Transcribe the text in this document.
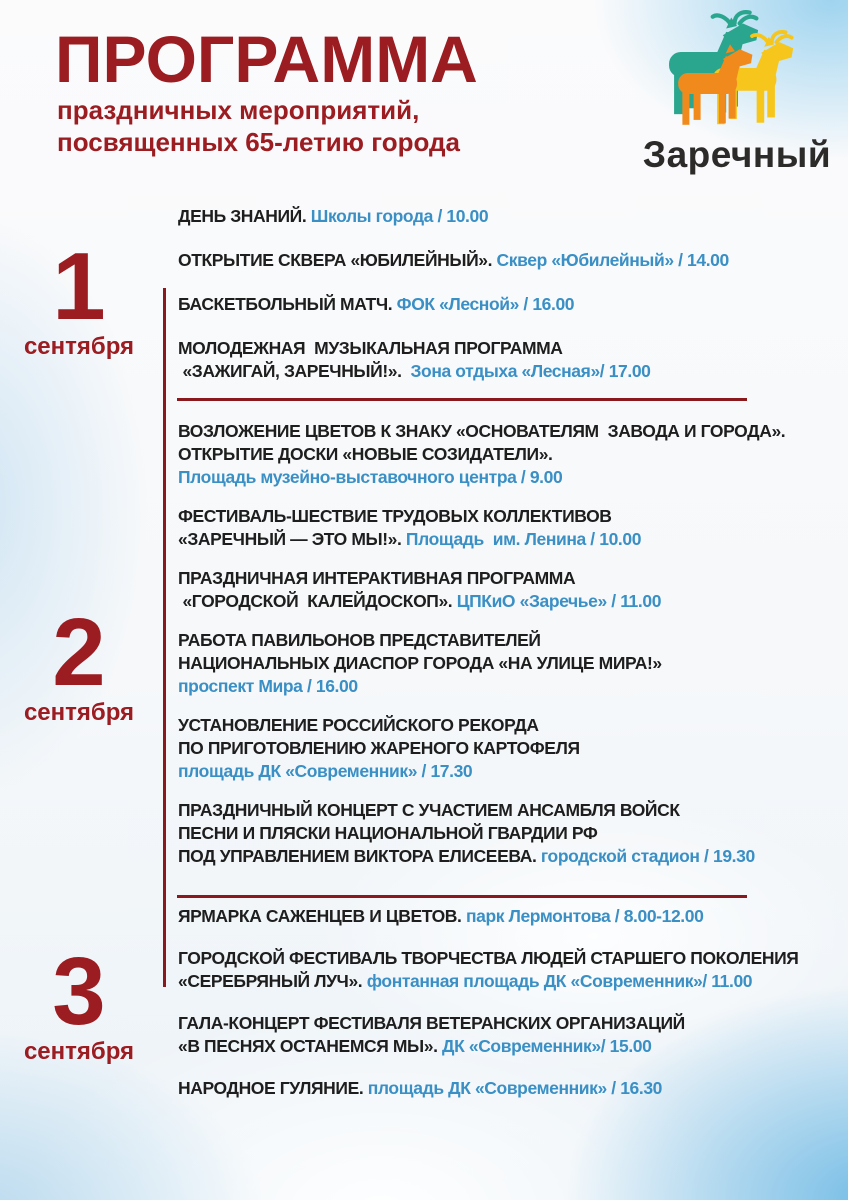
ПРОГРАММА

праздничных мероприятий,

посвященных 65-летию города	Заречный
1
сентября
ДЕНЬ ЗНАНИЙ. Школы города / 10.00
ОТКРЫТИЕ СКВЕРА «ЮБИЛЕЙНЫЙ». Сквер «Юбилейный» / 14.00
БАСКЕТБОЛЬНЫЙ МАТЧ. ФОК «Лесной» / 16.00
МОЛОДЕЖНАЯ  МУЗЫКАЛЬНАЯ ПРОГРАММА
«ЗАЖИГАЙ, ЗАРЕЧНЫЙ!».  Зона отдыха «Лесная»/ 17.00
2
сентября
ВОЗЛОЖЕНИЕ ЦВЕТОВ К ЗНАКУ «ОСНОВАТЕЛЯМ  ЗАВОДА И ГОРОДА».
ОТКРЫТИЕ ДОСКИ «НОВЫЕ СОЗИДАТЕЛИ».
Площадь музейно-выставочного центра / 9.00
ФЕСТИВАЛЬ-ШЕСТВИЕ ТРУДОВЫХ КОЛЛЕКТИВОВ
«ЗАРЕЧНЫЙ — ЭТО МЫ!». Площадь  им. Ленина / 10.00
ПРАЗДНИЧНАЯ ИНТЕРАКТИВНАЯ ПРОГРАММА
«ГОРОДСКОЙ  КАЛЕЙДОСКОП». ЦПКиО «Заречье» / 11.00
РАБОТА ПАВИЛЬОНОВ ПРЕДСТАВИТЕЛЕЙ
НАЦИОНАЛЬНЫХ ДИАСПОР ГОРОДА «НА УЛИЦЕ МИРА!»
проспект Мира / 16.00
УСТАНОВЛЕНИЕ РОССИЙСКОГО РЕКОРДА
ПО ПРИГОТОВЛЕНИЮ ЖАРЕНОГО КАРТОФЕЛЯ
площадь ДК «Современник» / 17.30
ПРАЗДНИЧНЫЙ КОНЦЕРТ С УЧАСТИЕМ АНСАМБЛЯ ВОЙСК
ПЕСНИ И ПЛЯСКИ НАЦИОНАЛЬНОЙ ГВАРДИИ РФ
ПОД УПРАВЛЕНИЕМ ВИКТОРА ЕЛИСЕЕВА. городской стадион / 19.30
3
сентября
ЯРМАРКА САЖЕНЦЕВ И ЦВЕТОВ. парк Лермонтова / 8.00-12.00
ГОРОДСКОЙ ФЕСТИВАЛЬ ТВОРЧЕСТВА ЛЮДЕЙ СТАРШЕГО ПОКОЛЕНИЯ
«СЕРЕБРЯНЫЙ ЛУЧ». фонтанная площадь ДК «Современник»/ 11.00
ГАЛА-КОНЦЕРТ ФЕСТИВАЛЯ ВЕТЕРАНСКИХ ОРГАНИЗАЦИЙ
«В ПЕСНЯХ ОСТАНЕМСЯ МЫ». ДК «Современник»/ 15.00
НАРОДНОЕ ГУЛЯНИЕ. площадь ДК «Современник» / 16.30
